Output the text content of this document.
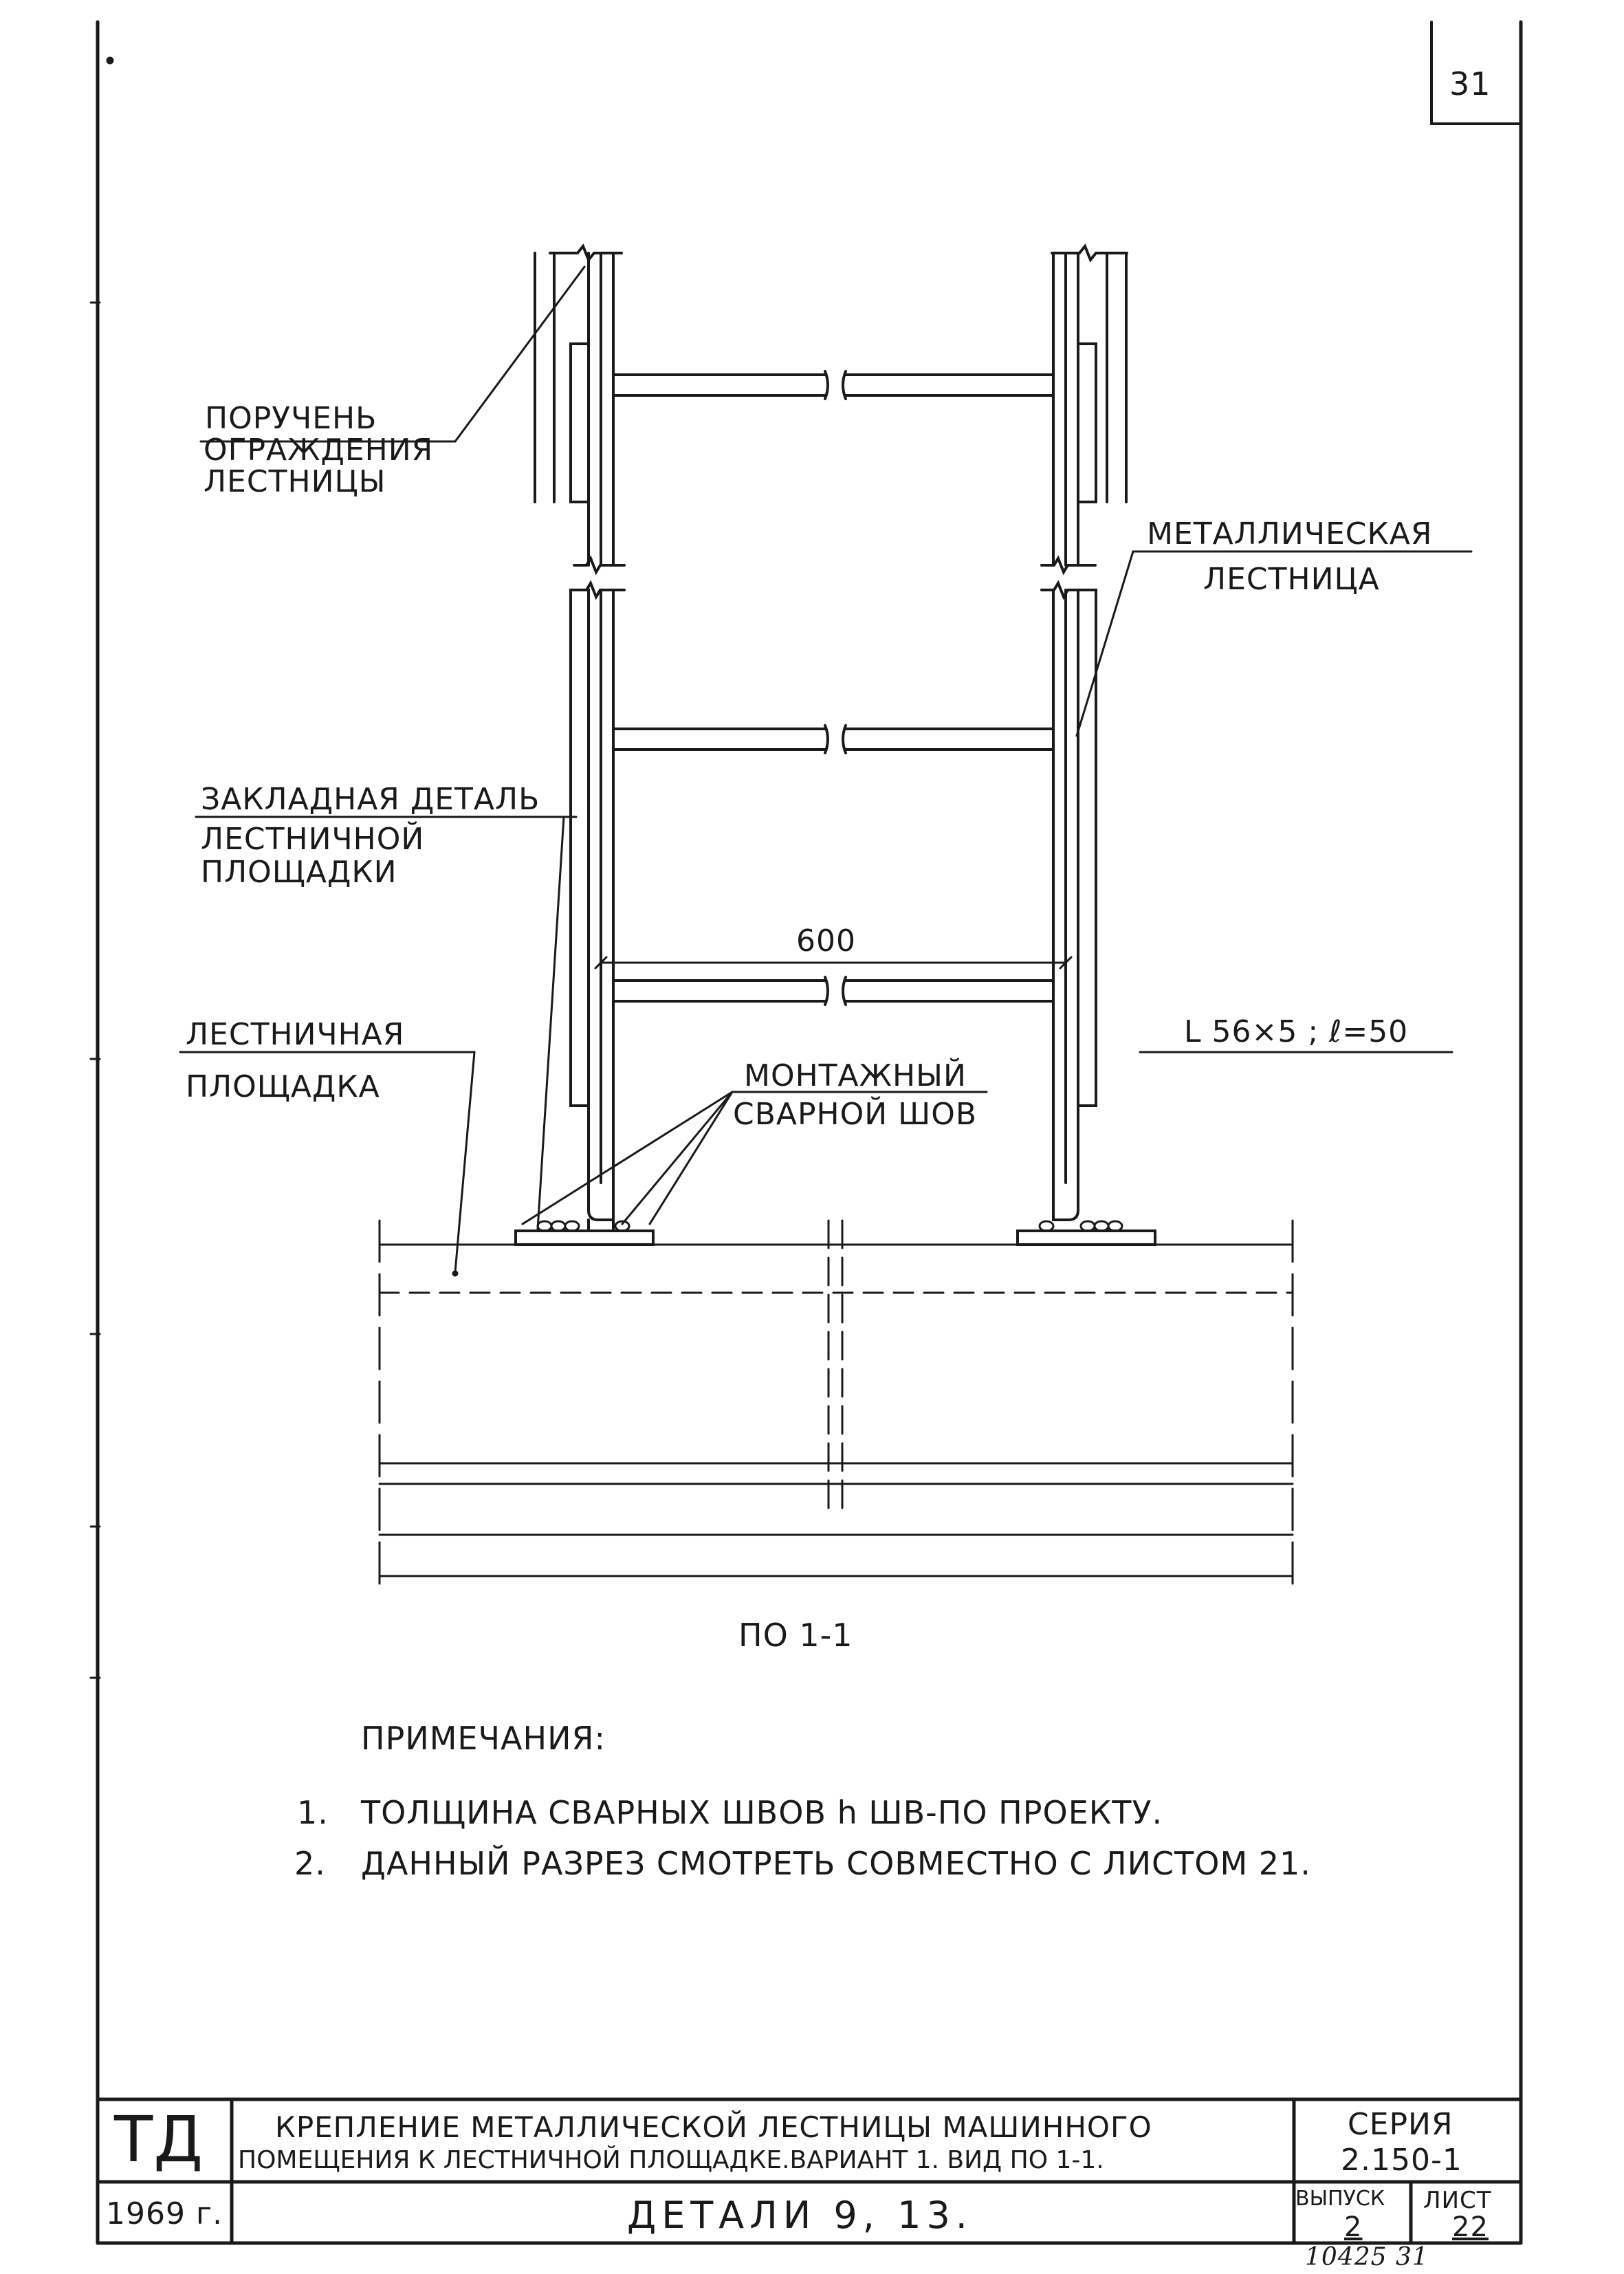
31
ПОРУЧЕНЬ
ОГРАЖДЕНИЯ
ЛЕСТНИЦЫ
МЕТАЛЛИЧЕСКАЯ
ЛЕСТНИЦА
ЗАКЛАДНАЯ ДЕТАЛЬ
ЛЕСТНИЧНОЙ
ПЛОЩАДКИ
ЛЕСТНИЧНАЯ
ПЛОЩАДКА	МОНТАЖНЫЙ
СВАРНОЙ ШОВ
600
L 56×5 ; ℓ=50
ПО 1-1
ПРИМЕЧАНИЯ:
1. ТОЛЩИНА СВАРНЫХ ШВОВ h ШВ-ПО ПРОЕКТУ.
2. ДАННЫЙ РАЗРЕЗ СМОТРЕТЬ СОВМЕСТНО С ЛИСТОМ 21.
ТД КРЕПЛЕНИЕ МЕТАЛЛИЧЕСКОЙ ЛЕСТНИЦЫ МАШИННОГО
ПОМЕЩЕНИЯ К ЛЕСТНИЧНОЙ ПЛОЩАДКЕ.ВАРИАНТ 1. ВИД ПО 1-1.
СЕРИЯ
2.150-1
1969 г.	ДЕТАЛИ 9, 13.	ВЫПУСК
2
ЛИСТ
22
10425 31
